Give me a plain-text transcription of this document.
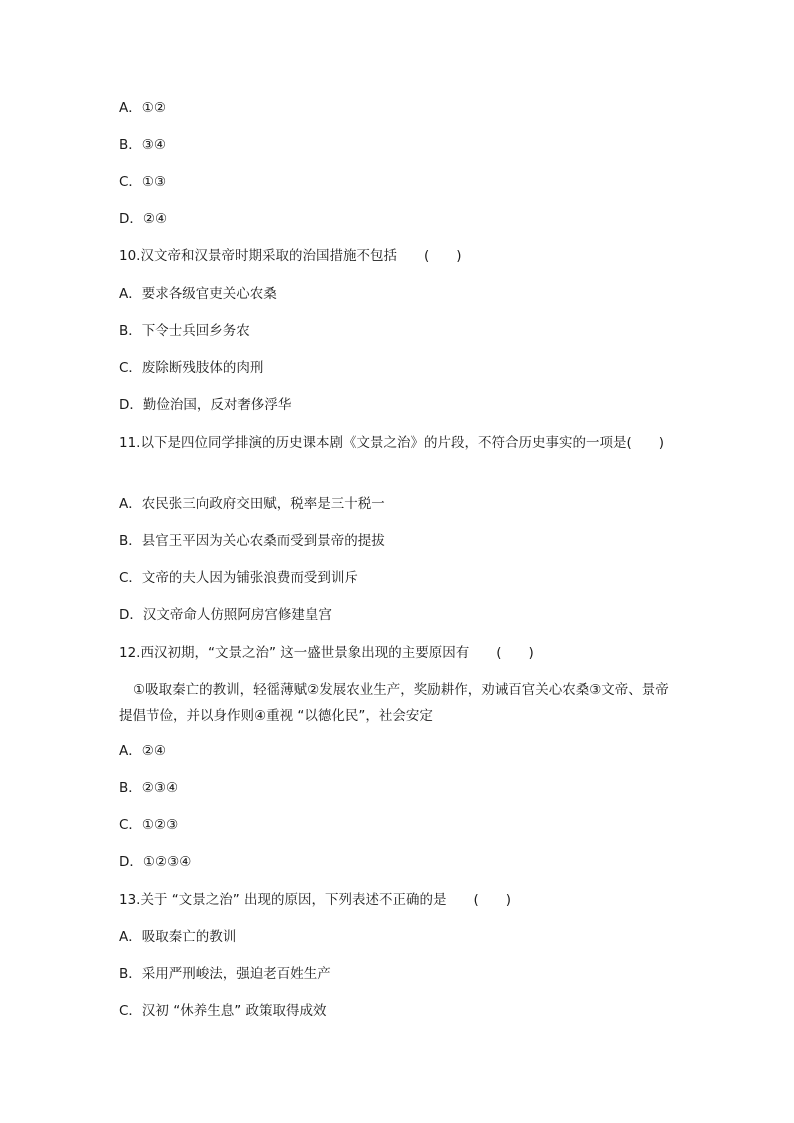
A．①②
B．③④
C．①③
D．②④
10.汉文帝和汉景帝时期采取的治国措施不包括　　(　　)
A．要求各级官吏关心农桑
B．下令士兵回乡务农
C．废除断残肢体的肉刑
D．勤俭治国，反对奢侈浮华
11.以下是四位同学排演的历史课本剧《文景之治》的片段，不符合历史事实的一项是(　　)
A．农民张三向政府交田赋，税率是三十税一
B．县官王平因为关心农桑而受到景帝的提拔
C．文帝的夫人因为铺张浪费而受到训斥
D．汉文帝命人仿照阿房宫修建皇宫
12.西汉初期，“文景之治” 这一盛世景象出现的主要原因有　　(　　)
①吸取秦亡的教训，轻徭薄赋②发展农业生产，奖励耕作，劝诫百官关心农桑③文帝、景帝提倡节俭，并以身作则④重视 “以德化民”，社会安定
A．②④
B．②③④
C．①②③
D．①②③④
13.关于 “文景之治” 出现的原因，下列表述不正确的是　　(　　)
A．吸取秦亡的教训
B．采用严刑峻法，强迫老百姓生产
C．汉初 “休养生息” 政策取得成效
